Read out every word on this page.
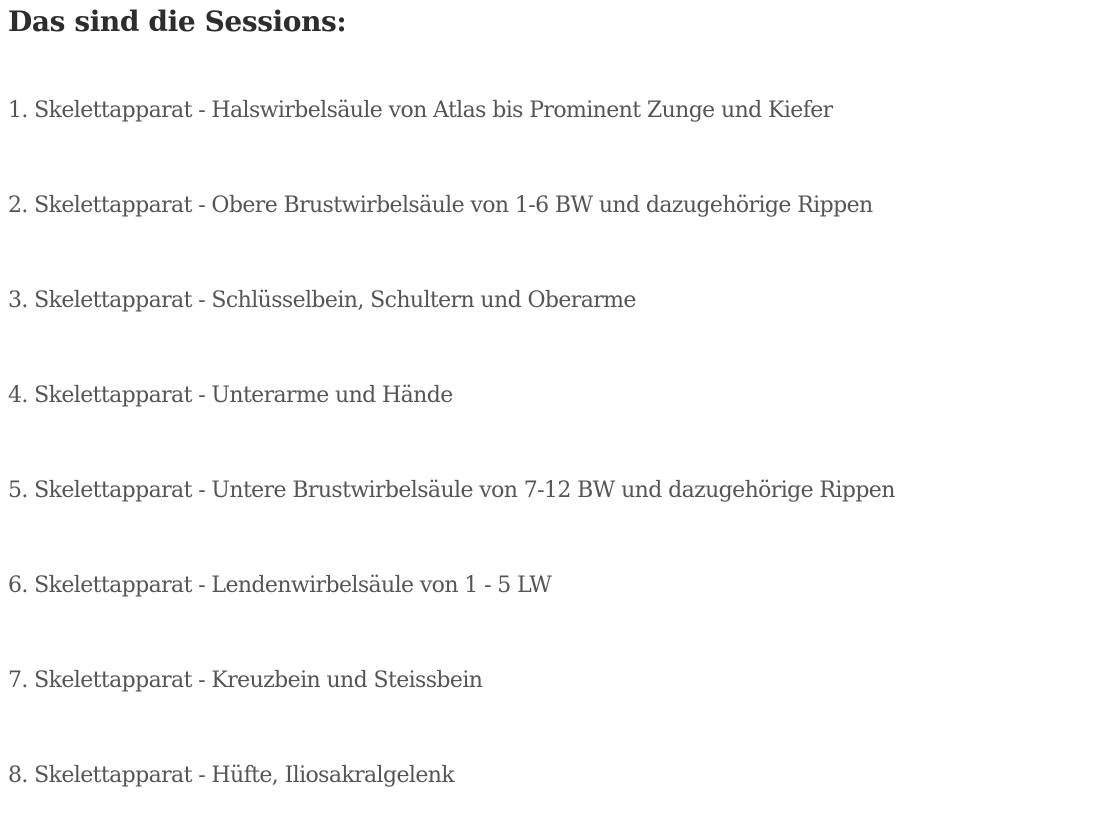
Das sind die Sessions:
1. Skelettapparat - Halswirbelsäule von Atlas bis Prominent Zunge und Kiefer
2. Skelettapparat - Obere Brustwirbelsäule von 1-6 BW und dazugehörige Rippen
3. Skelettapparat - Schlüsselbein, Schultern und Oberarme
4. Skelettapparat - Unterarme und Hände
5. Skelettapparat - Untere Brustwirbelsäule von 7-12 BW und dazugehörige Rippen
6. Skelettapparat - Lendenwirbelsäule von 1 - 5 LW
7. Skelettapparat - Kreuzbein und Steissbein
8. Skelettapparat - Hüfte, Iliosakralgelenk
